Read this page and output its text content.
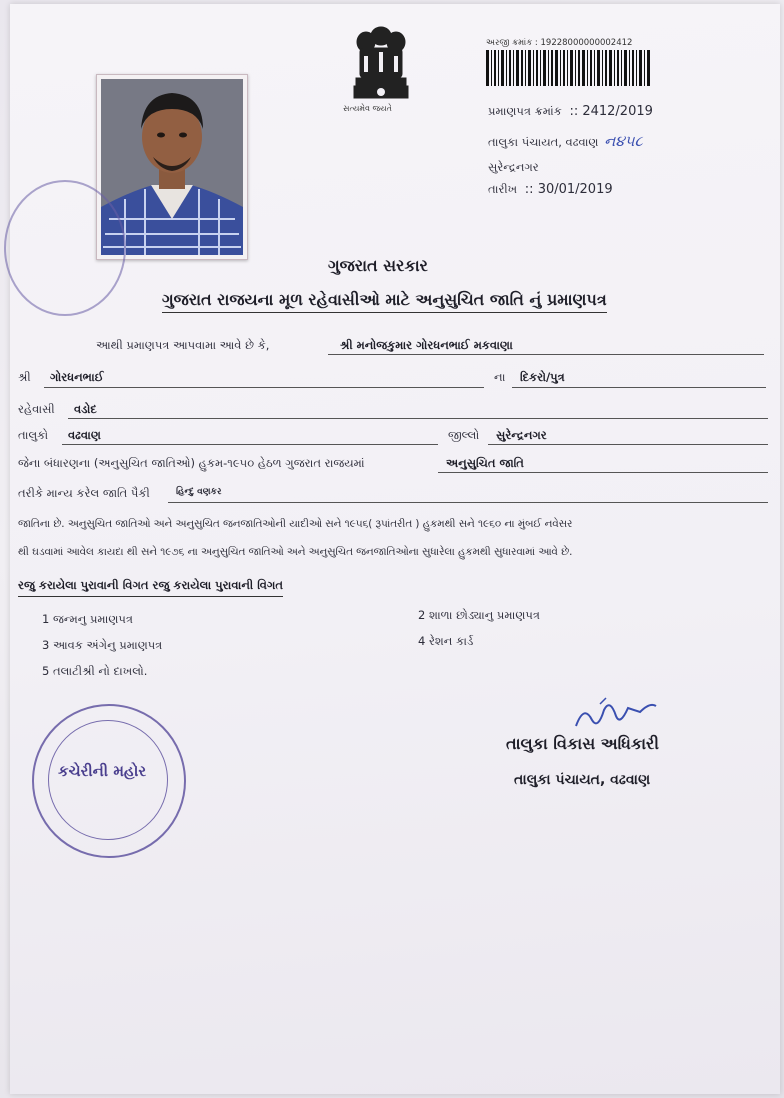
સત્યમેવ જયતે
અરજી ક્રમાંક : 19228000000002412
પ્રમાણપત્ર ક્રમાંક :: 2412/2019
તાલુકા પંચાયત, વઢવાણ ન૪૫૮
સુરેન્દ્રનગર
તારીખ :: 30/01/2019
ગુજરાત સરકાર
ગુજરાત રાજયના મૂળ રહેવાસીઓ માટે અનુસુચિત જાતિ નું પ્રમાણપત્ર
આથી પ્રમાણપત્ર આપવામા આવે છે કે,	શ્રી મનોજકુમાર ગોરધનભાઈ મકવાણા
શ્રી ગોરધનભાઈ	ના દિકરો/પુત્ર
રહેવાસી વડોદ
તાલુકો વઢવાણ	જીલ્લો સુરેન્દ્રનગર
જેના બંધારણના (અનુસુચિત જાતિઓ) હુકમ-૧૯૫૦ હેઠળ ગુજરાત રાજયમાં	અનુસુચિત જાતિ
તરીકે માન્ય કરેલ જાતિ પૈકી	હિન્દુ વણકર
જાતિના છે. અનુસુચિત જાતિઓ અને અનુસુચિત જનજાતિઓની યાદીઓ સને ૧૯૫૬( રૂપાંતરીત ) હુકમથી સને ૧૯૬૦ ના મુંબઈ નવેસર
થી ઘડવામાં આવેલ કાયદા થી સને ૧૯૭૬ ના અનુસુચિત જાતિઓ અને અનુસુચિત જનજાતિઓના સુધારેલા હુકમથી સુધારવામાં આવે છે.
રજુ કરાયેલા પુરાવાની વિગત રજુ કરાયેલા પુરાવાની વિગત
1 જન્મનુ પ્રમાણપત્ર	2 શાળા છોડ્યાનુ પ્રમાણપત્ર
3 આવક અંગેનુ પ્રમાણપત્ર	4 રેશન કાર્ડ
5 તલાટીશ્રી નો દાખલો.
કચેરીની મહોર
તાલુકા વિકાસ અધિકારી
તાલુકા પંચાયત, વઢવાણ
